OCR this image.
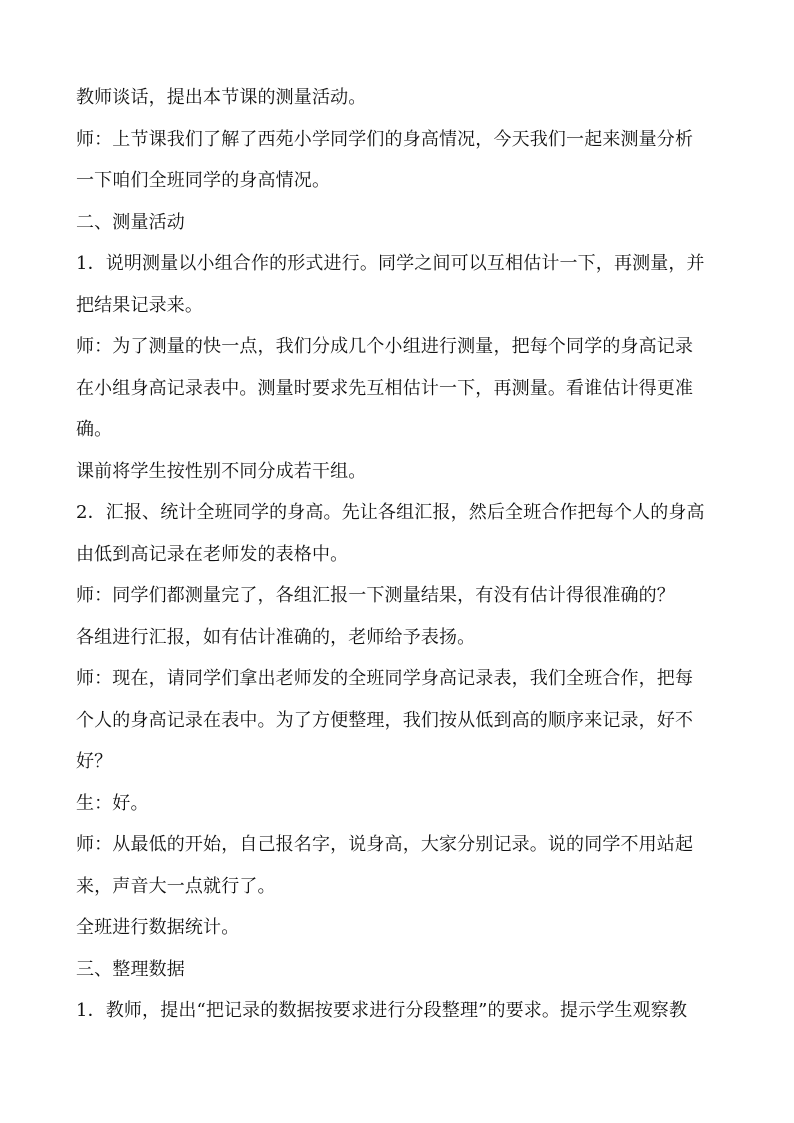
教师谈话，提出本节课的测量活动。
师：上节课我们了解了西苑小学同学们的身高情况，今天我们一起来测量分析
一下咱们全班同学的身高情况。
二、测量活动
1．说明测量以小组合作的形式进行。同学之间可以互相估计一下，再测量，并
把结果记录来。
师：为了测量的快一点，我们分成几个小组进行测量，把每个同学的身高记录
在小组身高记录表中。测量时要求先互相估计一下，再测量。看谁估计得更准
确。
课前将学生按性别不同分成若干组。
2．汇报、统计全班同学的身高。先让各组汇报，然后全班合作把每个人的身高
由低到高记录在老师发的表格中。
师：同学们都测量完了，各组汇报一下测量结果，有没有估计得很准确的？
各组进行汇报，如有估计准确的，老师给予表扬。
师：现在，请同学们拿出老师发的全班同学身高记录表，我们全班合作，把每
个人的身高记录在表中。为了方便整理，我们按从低到高的顺序来记录，好不
好？
生：好。
师：从最低的开始，自己报名字，说身高，大家分别记录。说的同学不用站起
来，声音大一点就行了。
全班进行数据统计。
三、整理数据
1．教师，提出“把记录的数据按要求进行分段整理”的要求。提示学生观察教
